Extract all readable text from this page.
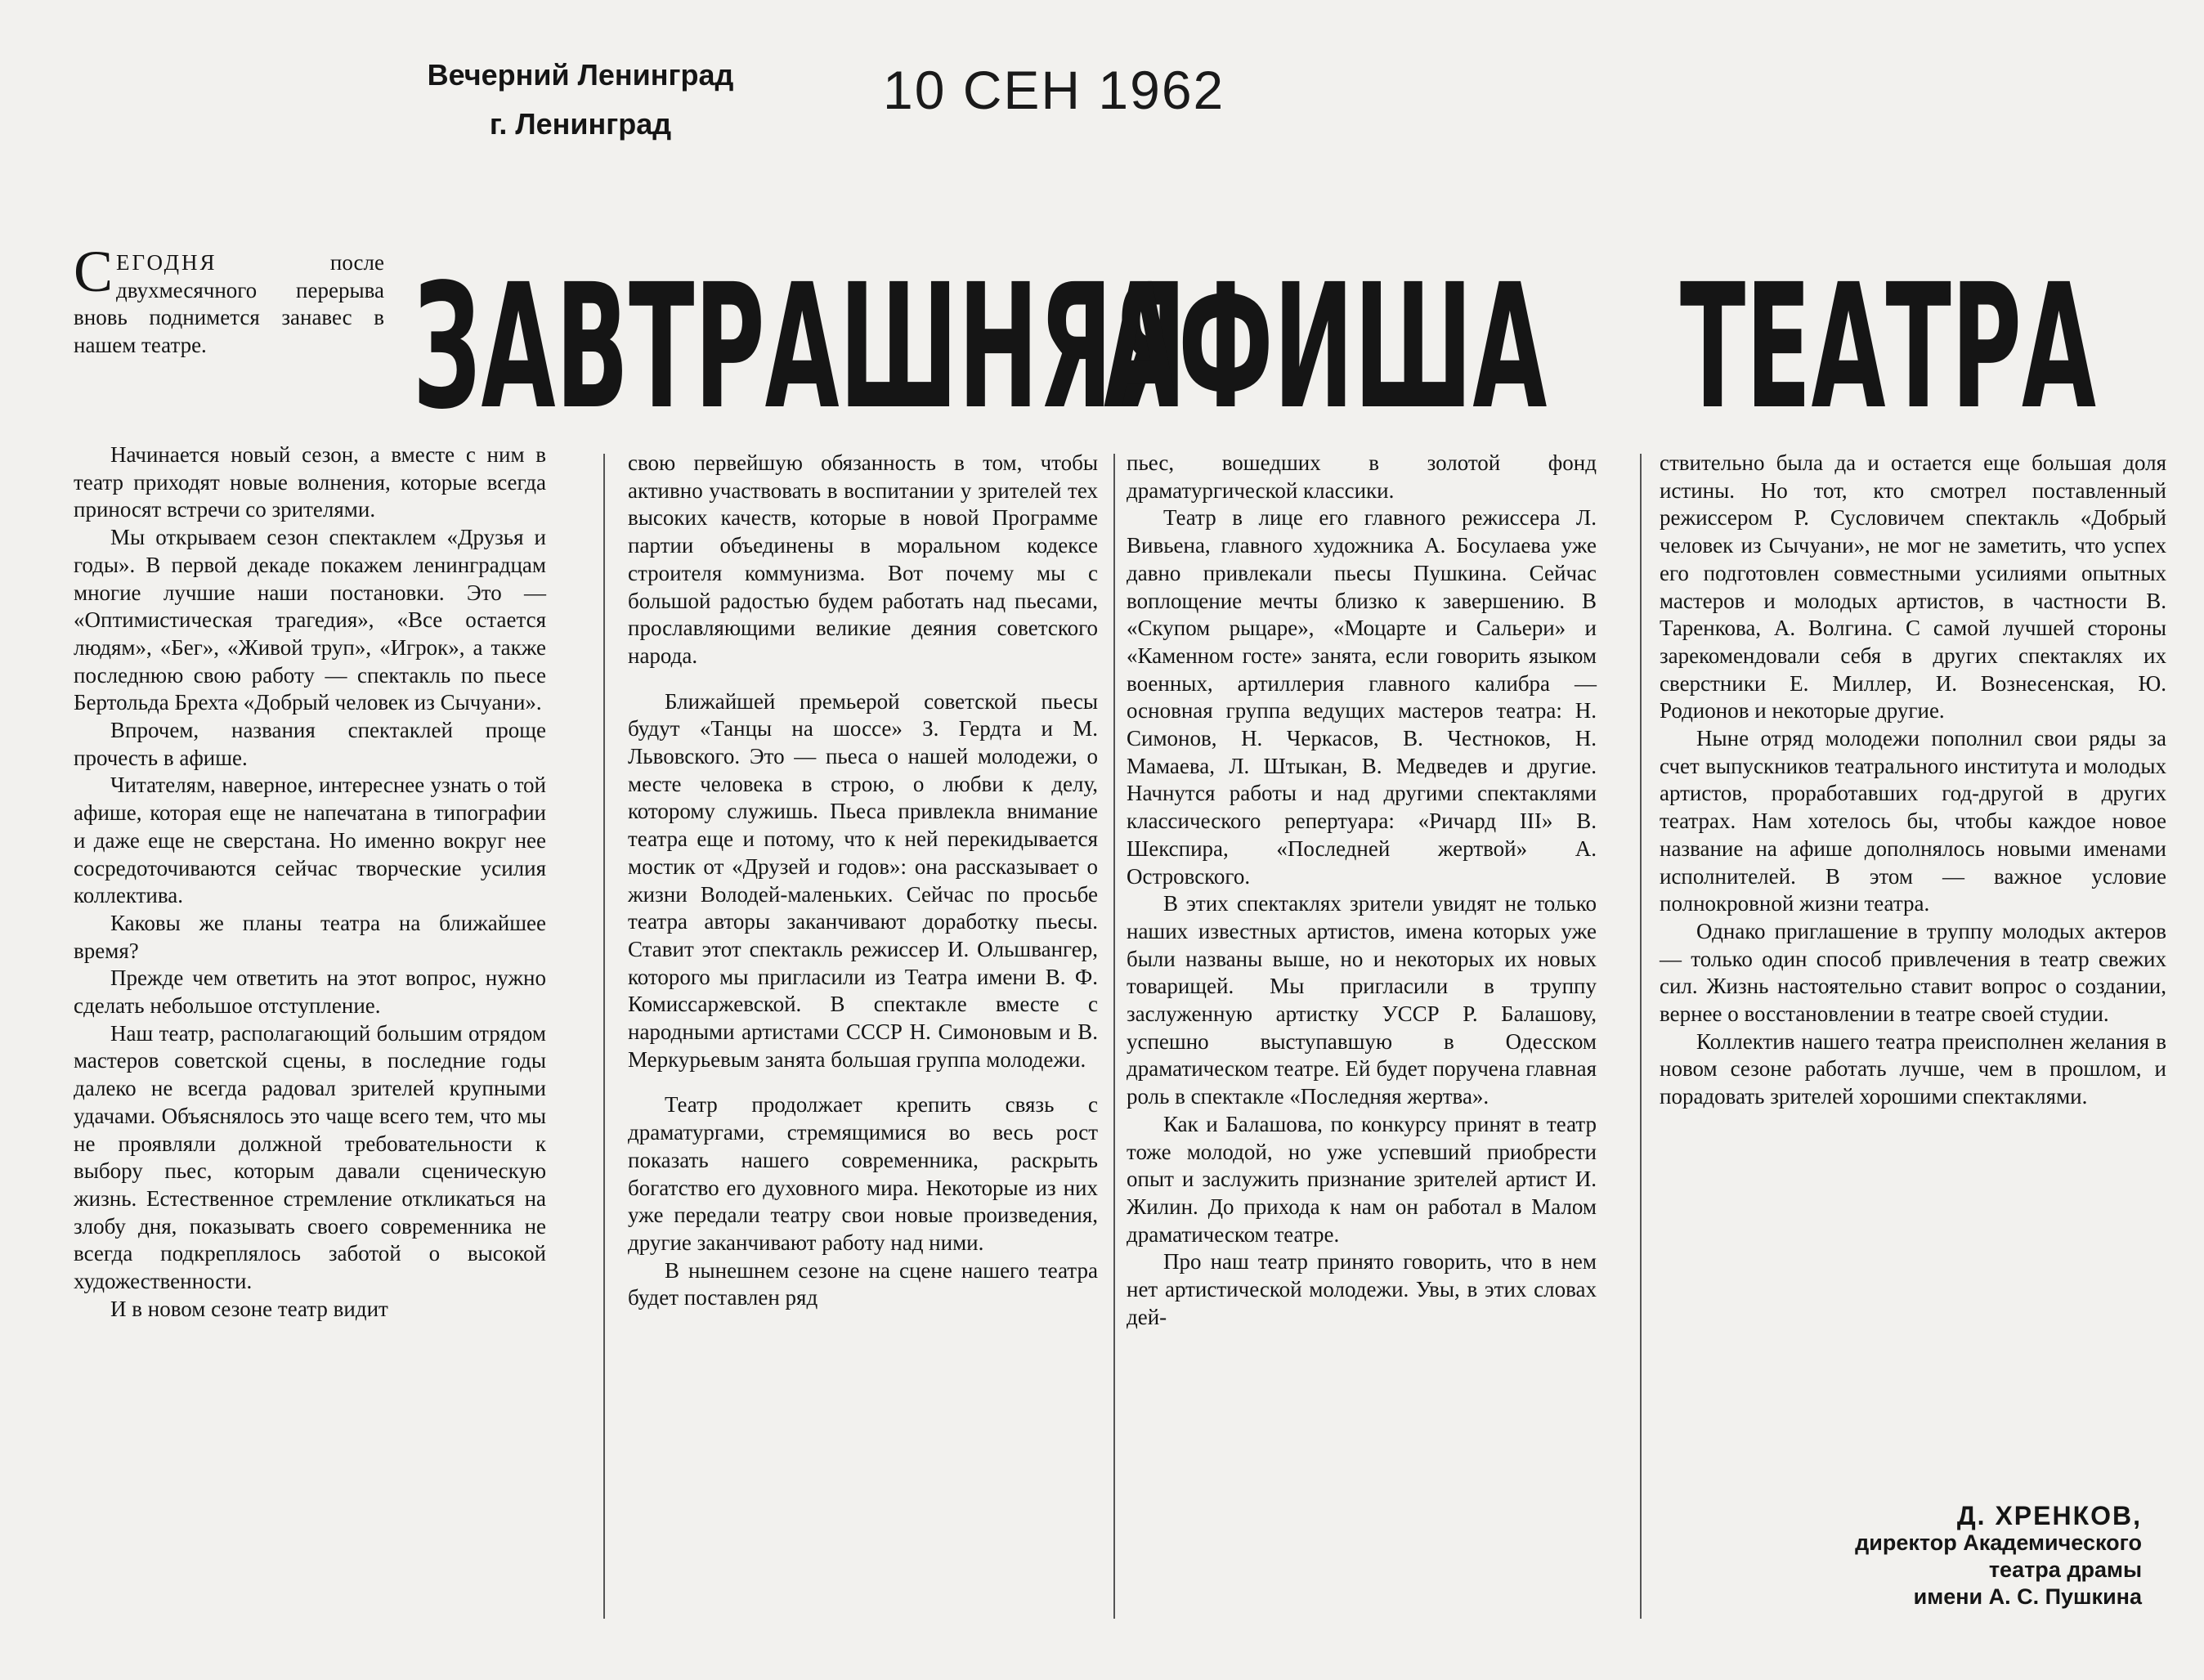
Вечерний Ленинград
г. Ленинград
10 СЕН 1962
ЗАВТРАШНЯЯ
АФИША ТЕАТРА
СЕГОДНЯ после двухмесячного перерыва вновь поднимется занавес в нашем театре.

Начинается новый сезон, а вместе с ним в театр приходят новые волнения, которые всегда приносят встречи со зрителями.

Мы открываем сезон спектаклем «Друзья и годы». В первой декаде покажем ленинградцам многие лучшие наши постановки. Это — «Оптимистическая трагедия», «Все остается людям», «Бег», «Живой труп», «Игрок», а также последнюю свою работу — спектакль по пьесе Бертольда Брехта «Добрый человек из Сычуани».

Впрочем, названия спектаклей проще прочесть в афише.

Читателям, наверное, интереснее узнать о той афише, которая еще не напечатана в типографии и даже еще не сверстана. Но именно вокруг нее сосредоточиваются сейчас творческие усилия коллектива.

Каковы же планы театра на ближайшее время?

Прежде чем ответить на этот вопрос, нужно сделать небольшое отступление.

Наш театр, располагающий большим отрядом мастеров советской сцены, в последние годы далеко не всегда радовал зрителей крупными удачами. Объяснялось это чаще всего тем, что мы не проявляли должной требовательности к выбору пьес, которым давали сценическую жизнь. Естественное стремление откликаться на злобу дня, показывать своего современника не всегда подкреплялось заботой о высокой художественности.

И в новом сезоне театр видит

свою первейшую обязанность в том, чтобы активно участвовать в воспитании у зрителей тех высоких качеств, которые в новой Программе партии объединены в моральном кодексе строителя коммунизма. Вот почему мы с большой радостью будем работать над пьесами, прославляющими великие деяния советского народа.

Ближайшей премьерой советской пьесы будут «Танцы на шоссе» З. Гердта и М. Львовского. Это — пьеса о нашей молодежи, о месте человека в строю, о любви к делу, которому служишь. Пьеса привлекла внимание театра еще и потому, что к ней перекидывается мостик от «Друзей и годов»: она рассказывает о жизни Володей-маленьких. Сейчас по просьбе театра авторы заканчивают доработку пьесы. Ставит этот спектакль режиссер И. Ольшвангер, которого мы пригласили из Театра имени В. Ф. Комиссаржевской. В спектакле вместе с народными артистами СССР Н. Симоновым и В. Меркурьевым занята большая группа молодежи.

Театр продолжает крепить связь с драматургами, стремящимися во весь рост показать нашего современника, раскрыть богатство его духовного мира. Некоторые из них уже передали театру свои новые произведения, другие заканчивают работу над ними.

В нынешнем сезоне на сцене нашего театра будет поставлен ряд

пьес, вошедших в золотой фонд драматургической классики.

Театр в лице его главного режиссера Л. Вивьена, главного художника А. Босулаева уже давно привлекали пьесы Пушкина. Сейчас воплощение мечты близко к завершению. В «Скупом рыцаре», «Моцарте и Сальери» и «Каменном госте» занята, если говорить языком военных, артиллерия главного калибра — основная группа ведущих мастеров театра: Н. Симонов, Н. Черкасов, В. Честноков, Н. Мамаева, Л. Штыкан, В. Медведев и другие. Начнутся работы и над другими спектаклями классического репертуара: «Ричард III» В. Шекспира, «Последней жертвой» А. Островского.

В этих спектаклях зрители увидят не только наших известных артистов, имена которых уже были названы выше, но и некоторых их новых товарищей. Мы пригласили в труппу заслуженную артистку УССР Р. Балашову, успешно выступавшую в Одесском драматическом театре. Ей будет поручена главная роль в спектакле «Последняя жертва».

Как и Балашова, по конкурсу принят в театр тоже молодой, но уже успевший приобрести опыт и заслужить признание зрителей артист И. Жилин. До прихода к нам он работал в Малом драматическом театре.

Про наш театр принято говорить, что в нем нет артистической молодежи. Увы, в этих словах дей-

ствительно была да и остается еще большая доля истины. Но тот, кто смотрел поставленный режиссером Р. Сусловичем спектакль «Добрый человек из Сычуани», не мог не заметить, что успех его подготовлен совместными усилиями опытных мастеров и молодых артистов, в частности В. Таренкова, А. Волгина. С самой лучшей стороны зарекомендовали себя в других спектаклях их сверстники Е. Миллер, И. Вознесенская, Ю. Родионов и некоторые другие.

Ныне отряд молодежи пополнил свои ряды за счет выпускников театрального института и молодых артистов, проработавших год-другой в других театрах. Нам хотелось бы, чтобы каждое новое название на афише дополнялось новыми именами исполнителей. В этом — важное условие полнокровной жизни театра.

Однако приглашение в труппу молодых актеров — только один способ привлечения в театр свежих сил. Жизнь настоятельно ставит вопрос о создании, вернее о восстановлении в театре своей студии.

Коллектив нашего театра преисполнен желания в новом сезоне работать лучше, чем в прошлом, и порадовать зрителей хорошими спектаклями.

Д. ХРЕНКОВ,
директор Академического
театра драмы
имени А. С. Пушкина
